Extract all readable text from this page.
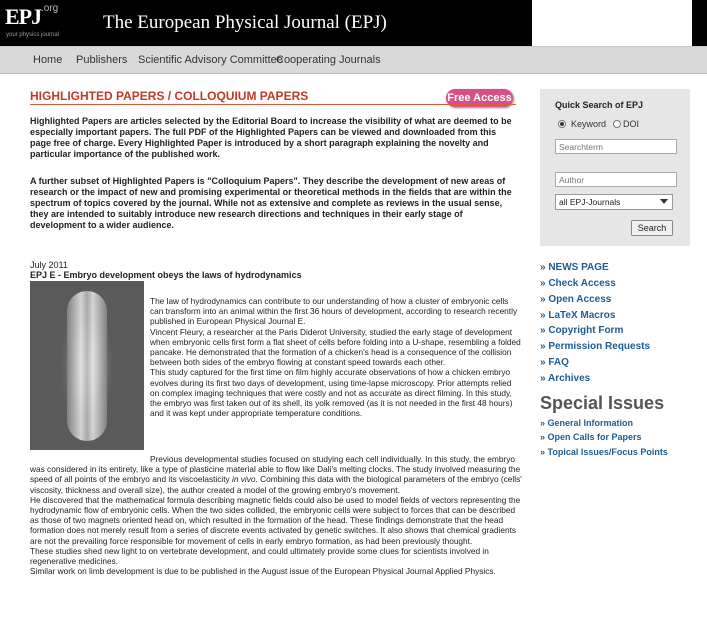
EPJ .org
your physics journal
The European Physical Journal (EPJ)
Home Publishers Scientific Advisory Committee
Cooperating Journals
HIGHLIGHTED PAPERS / COLLOQUIUM PAPERS	Free Access
Highlighted Papers are articles selected by the Editorial Board to increase the visibility of what are deemed to be especially important papers. The full PDF of the Highlighted Papers can be viewed and downloaded from this page free of charge. Every Highlighted Paper is introduced by a short paragraph explaining the novelty and particular importance of the published work.
A further subset of Highlighted Papers is "Colloquium Papers". They describe the development of new areas of research or the impact of new and promising experimental or theoretical methods in the fields that are within the spectrum of topics covered by the journal. While not as extensive and complete as reviews in the usual sense, they are intended to suitably introduce new research directions and techniques in their early stage of development to a wider audience.
July 2011
EPJ E - Embryo development obeys the laws of hydrodynamics

The law of hydrodynamics can contribute to our understanding of how a cluster of embryonic cells can transform into an animal within the first 36 hours of development, according to research recently published in European Physical Journal E.

Vincent Fleury, a researcher at the Paris Diderot University, studied the early stage of development when embryonic cells first form a flat sheet of cells before folding into a U-shape, resembling a folded pancake. He demonstrated that the formation of a chicken's head is a consequence of the collision between both sides of the embryo flowing at constant speed towards each other.

This study captured for the first time on film highly accurate observations of how a chicken embryo evolves during its first two days of development, using time-lapse microscopy. Prior attempts relied on complex imaging techniques that were costly and not as accurate as direct filming. In this study, the embryo was first taken out of its shell, its yolk removed (as it is not needed in the first 48 hours) and it was kept under appropriate temperature conditions.

Previous developmental studies focused on studying each cell individually. In this study, the embryo was considered in its entirety, like a type of plasticine material able to flow like Dali's melting clocks. The study involved measuring the speed of all points of the embryo and its viscoelasticity in vivo. Combining this data with the biological parameters of the embryo (cells' viscosity, thickness and overall size), the author created a model of the growing embryo's movement.

He discovered that the mathematical formula describing magnetic fields could also be used to model fields of vectors representing the hydrodynamic flow of embryonic cells. When the two sides collided, the embryonic cells were subject to forces that can be described as those of two magnets oriented head on, which resulted in the formation of the head. These findings demonstrate that the head formation does not merely result from a series of discrete events activated by genetic switches. It also shows that chemical gradients are not the prevailing force responsible for movement of cells in early embryo formation, as had been previously thought.

These studies shed new light to on vertebrate development, and could ultimately provide some clues for scientists involved in regenerative medicines.

Similar work on limb development is due to be published in the August issue of the European Physical Journal Applied Physics.

Quick Search of EPJ
Keyword DOI
Searchterm
Author
all EPJ-Journals
Search
» NEWS PAGE
» Check Access
» Open Access
» LaTeX Macros
» Copyright Form
» Permission Requests
» FAQ
» Archives
Special Issues
» General Information
» Open Calls for Papers
» Topical Issues/Focus Points
